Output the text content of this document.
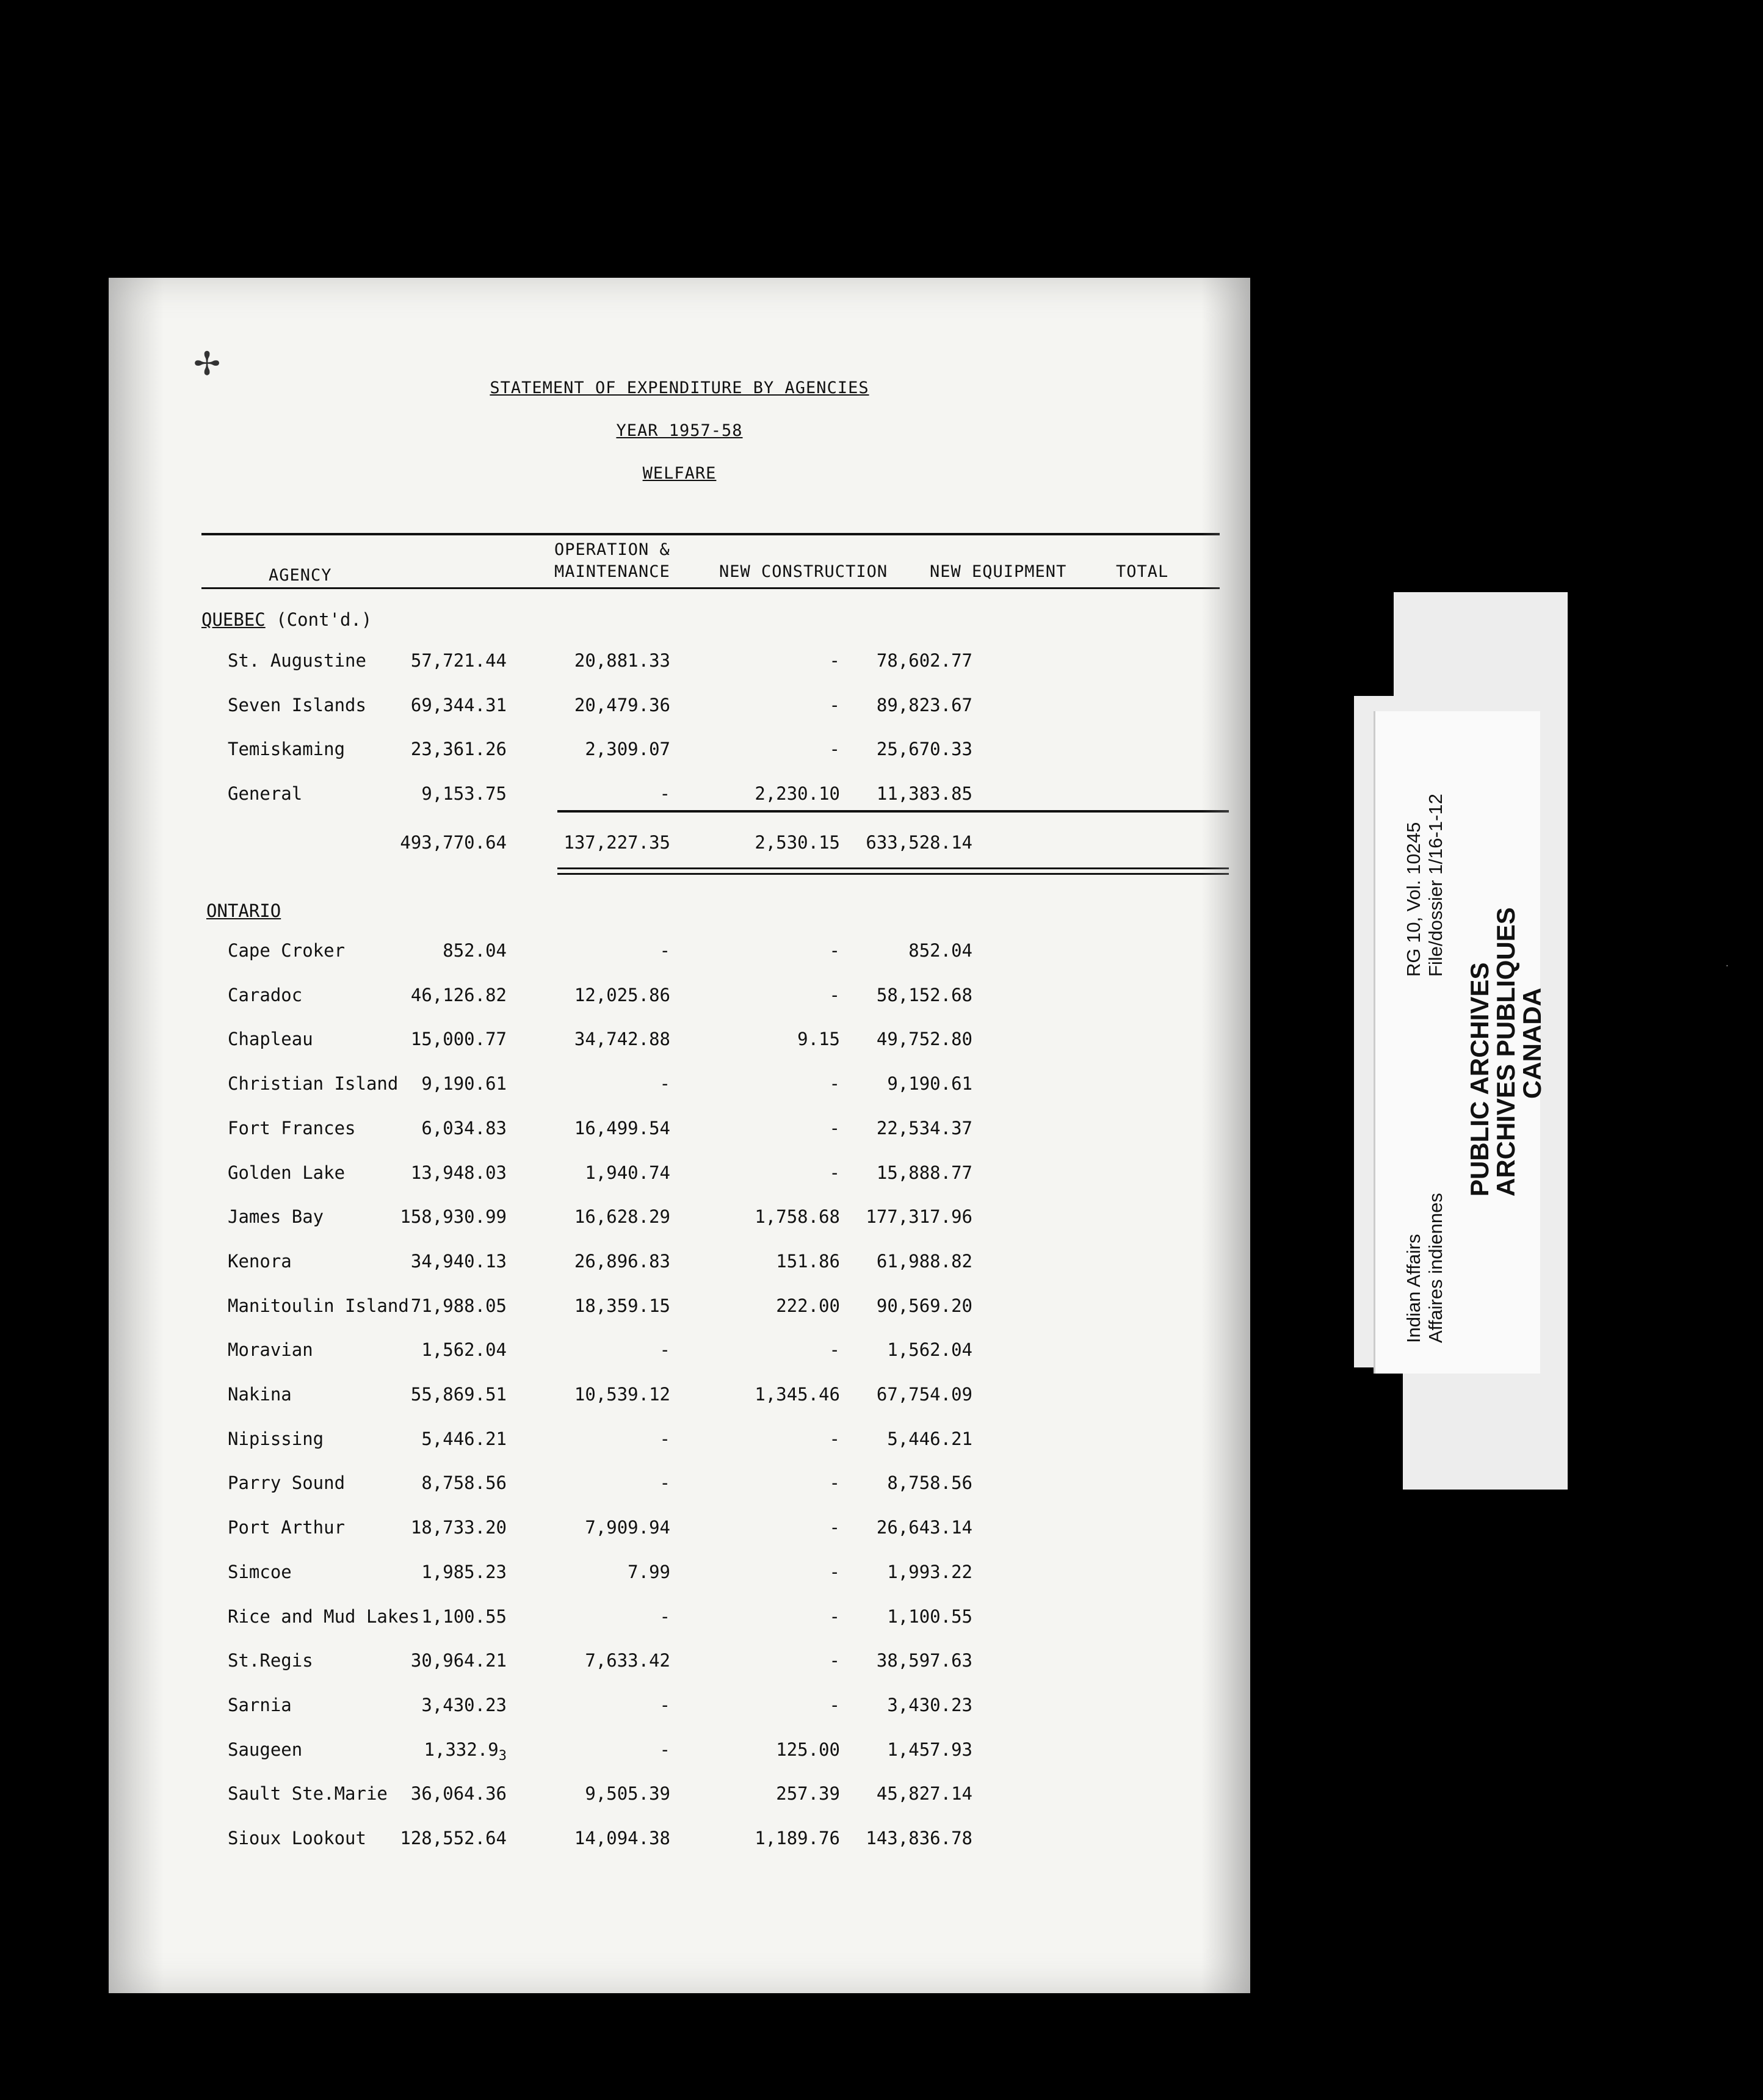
✢
STATEMENT OF EXPENDITURE BY AGENCIES
YEAR 1957-58
WELFARE
AGENCY
OPERATION &
MAINTENANCE	NEW CONSTRUCTION	NEW EQUIPMENT	TOTAL
QUEBEC (Cont'd.)
St. Augustine	57,721.44	20,881.33	- 78,602.77
Seven Islands	69,344.31	20,479.36	- 89,823.67
Temiskaming	23,361.26	2,309.07	- 25,670.33
General	9,153.75	-	2,230.10 11,383.85
493,770.64	137,227.35	2,530.15 633,528.14
ONTARIO
Cape Croker	852.04	-	-	852.04
Caradoc	46,126.82	12,025.86	- 58,152.68
Chapleau	15,000.77	34,742.88	9.15 49,752.80
Christian Island 9,190.61	-	-	9,190.61
Fort Frances	6,034.83	16,499.54	- 22,534.37
Golden Lake	13,948.03	1,940.74	- 15,888.77
James Bay	158,930.99	16,628.29	1,758.68 177,317.96
Kenora	34,940.13	26,896.83	151.86 61,988.82
Manitoulin Island 71,988.05	18,359.15	222.00 90,569.20
Moravian	1,562.04	-	-	1,562.04
Nakina	55,869.51	10,539.12	1,345.46 67,754.09
Nipissing	5,446.21	-	-	5,446.21
Parry Sound	8,758.56	-	-	8,758.56
Port Arthur	18,733.20	7,909.94	- 26,643.14
Simcoe	1,985.23	7.99	-	1,993.22
Rice and Mud Lakes 1,100.55	-	-	1,100.55
St.Regis	30,964.21	7,633.42	- 38,597.63
Sarnia	3,430.23	-	-	3,430.23
Saugeen	$1,332.9_3$	-	125.00	1,457.93
Sault Ste.Marie 36,064.36	9,505.39	257.39 45,827.14
Sioux Lookout 128,552.64	14,094.38	1,189.76 143,836.78
Indian Affairs Affaires indiennes
RG 10, Vol. 10245 File/dossier 1/16-1-12
PUBLIC ARCHIVES
ARCHIVES PUBLIQUES
CANADA
·
